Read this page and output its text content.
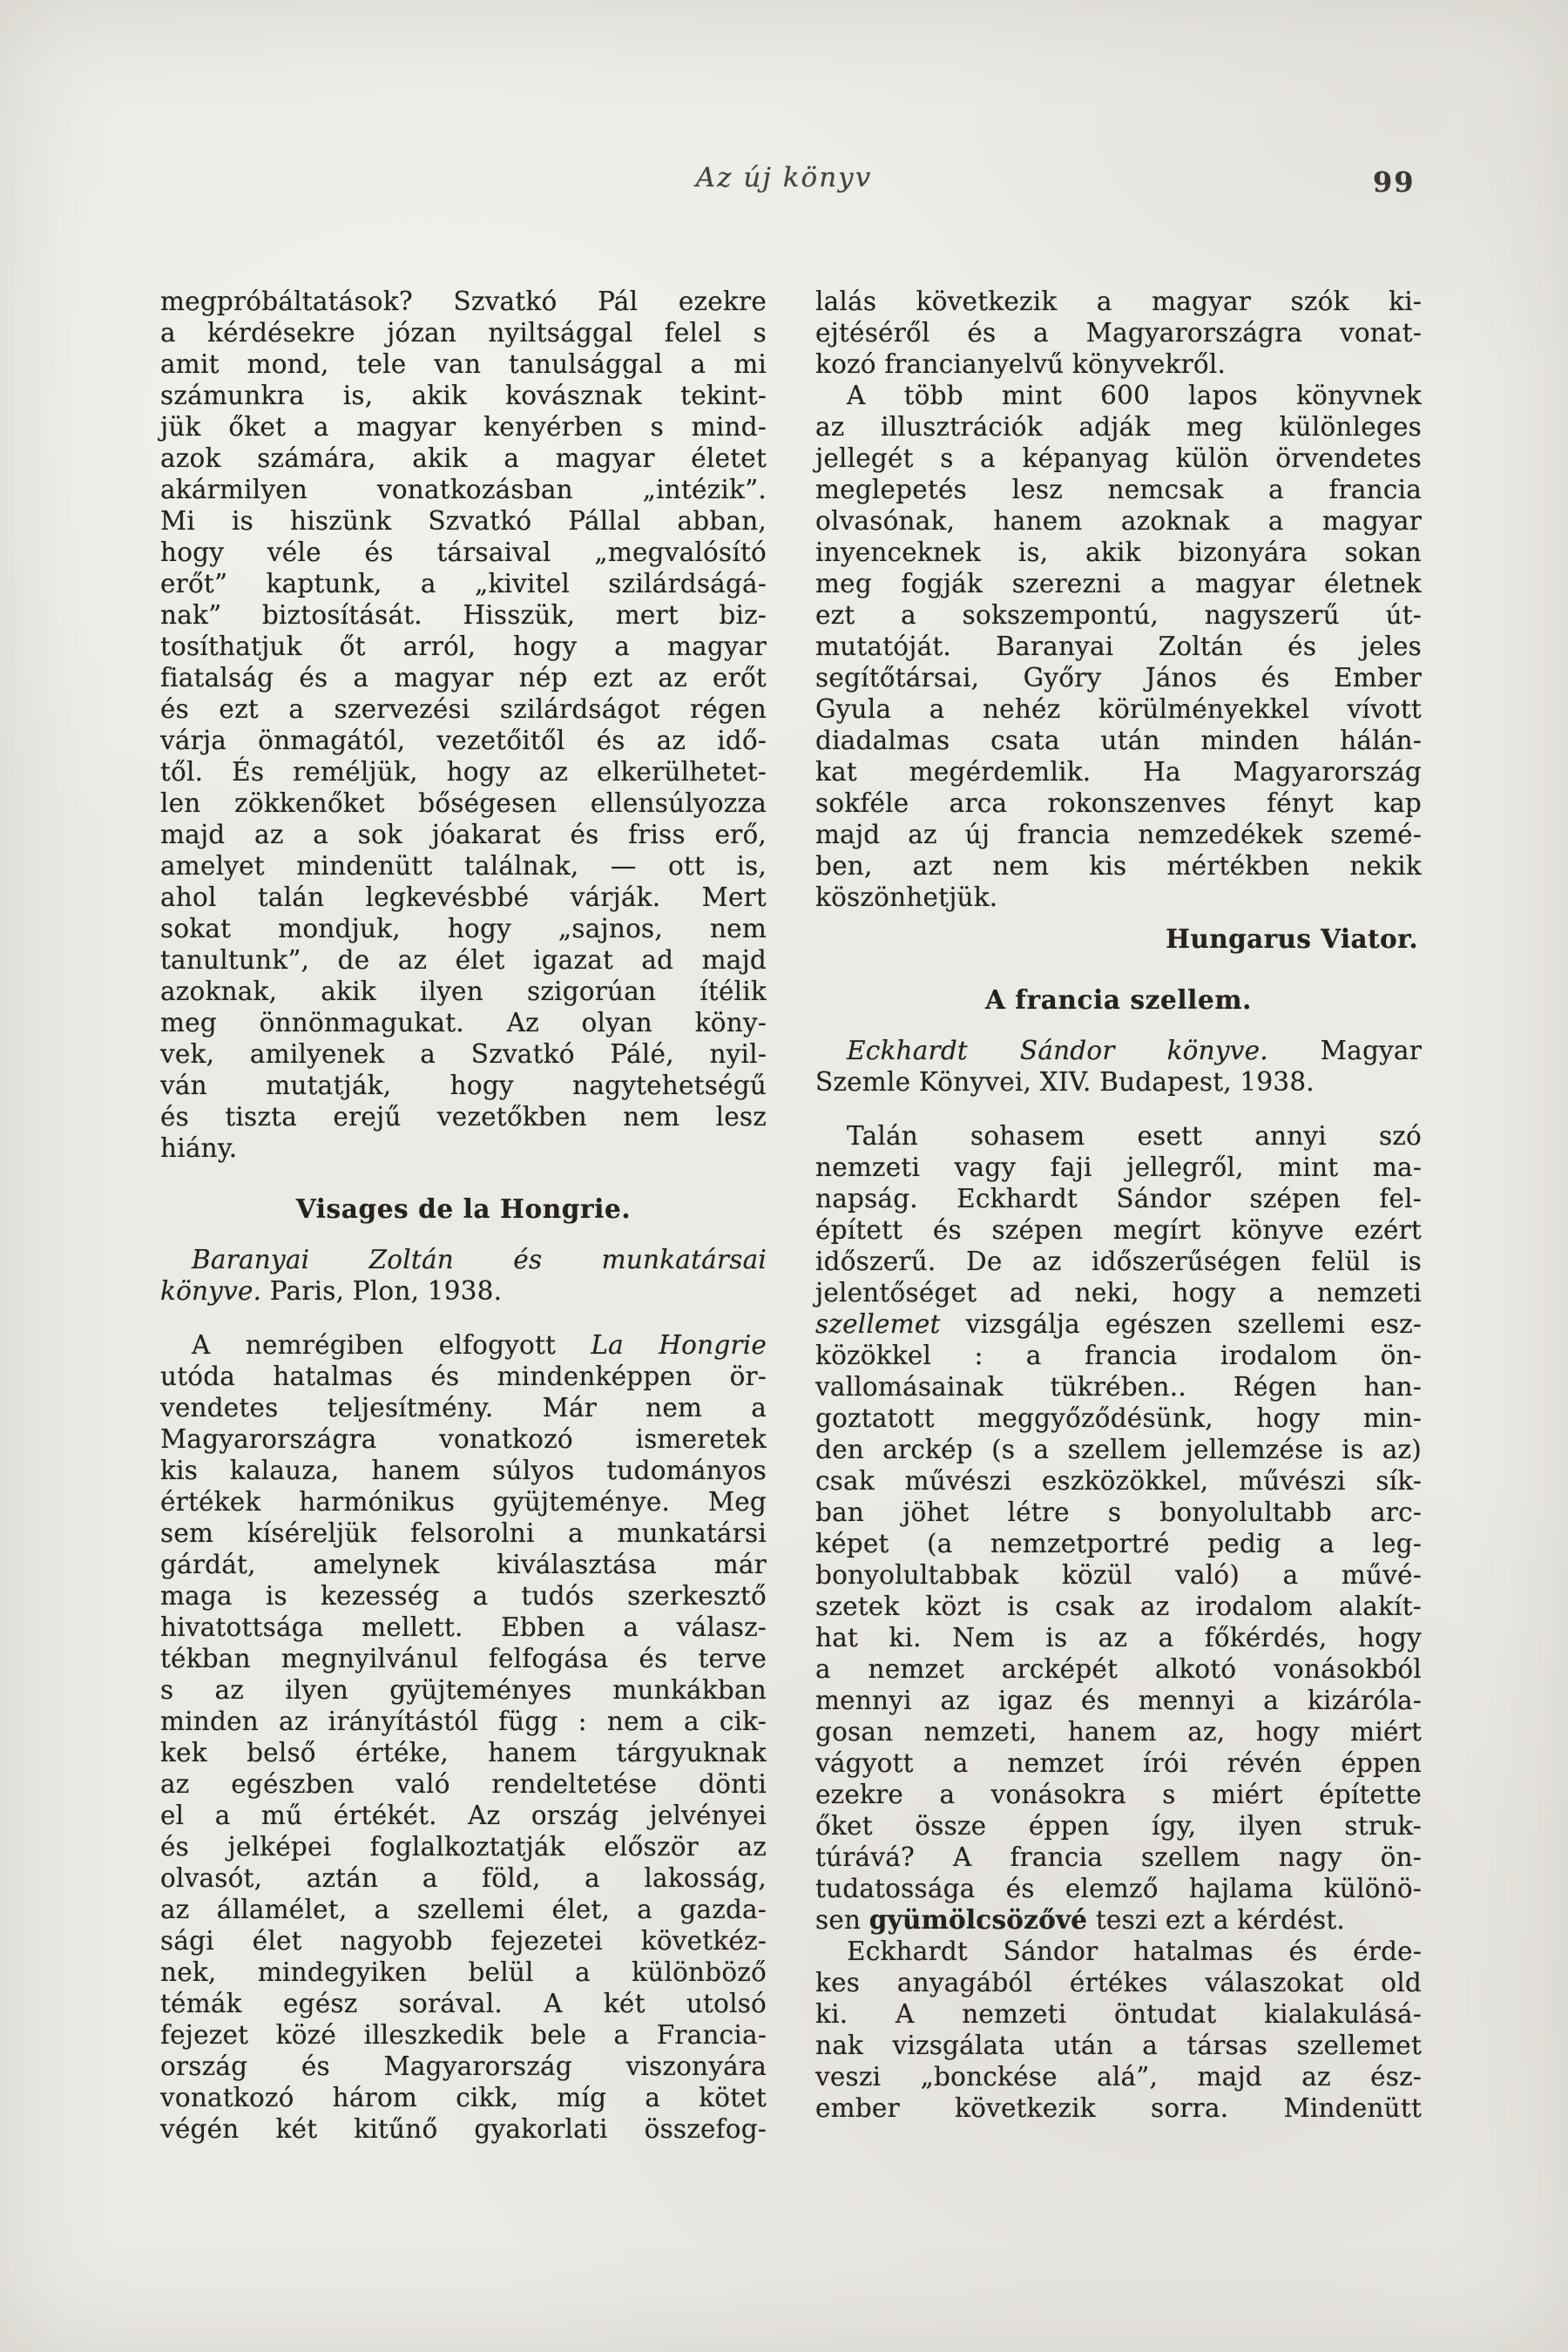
Az új könyv	99
megpróbáltatások? Szvatkó Pál ezekre
a kérdésekre józan nyiltsággal felel s
amit mond, tele van tanulsággal a mi
számunkra is, akik kovásznak tekint-
jük őket a magyar kenyérben s mind-
azok számára, akik a magyar életet
akármilyen vonatkozásban „intézik”.
Mi is hiszünk Szvatkó Pállal abban,
hogy véle és társaival „megvalósító
erőt” kaptunk, a „kivitel szilárdságá-
nak” biztosítását. Hisszük, mert biz-
tosíthatjuk őt arról, hogy a magyar
fiatalság és a magyar nép ezt az erőt
és ezt a szervezési szilárdságot régen
várja önmagától, vezetőitől és az idő-
től. És reméljük, hogy az elkerülhetet-
len zökkenőket bőségesen ellensúlyozza
majd az a sok jóakarat és friss erő,
amelyet mindenütt találnak, — ott is,
ahol talán legkevésbbé várják. Mert
sokat mondjuk, hogy „sajnos, nem
tanultunk”, de az élet igazat ad majd
azoknak, akik ilyen szigorúan ítélik
meg önnönmagukat. Az olyan köny-
vek, amilyenek a Szvatkó Pálé, nyil-
ván mutatják, hogy nagytehetségű
és tiszta erejű vezetőkben nem lesz
hiány.
Visages de la Hongrie.
Baranyai Zoltán és munkatársai
könyve. Paris, Plon, 1938.
A nemrégiben elfogyott La Hongrie
utóda hatalmas és mindenképpen ör-
vendetes teljesítmény. Már nem a
Magyarországra vonatkozó ismeretek
kis kalauza, hanem súlyos tudományos
értékek harmónikus gyüjteménye. Meg
sem kíséreljük felsorolni a munkatársi
gárdát, amelynek kiválasztása már
maga is kezesség a tudós szerkesztő
hivatottsága mellett. Ebben a válasz-
tékban megnyilvánul felfogása és terve
s az ilyen gyüjteményes munkákban
minden az irányítástól függ : nem a cik-
kek belső értéke, hanem tárgyuknak
az egészben való rendeltetése dönti
el a mű értékét. Az ország jelvényei
és jelképei foglalkoztatják először az
olvasót, aztán a föld, a lakosság,
az államélet, a szellemi élet, a gazda-
sági élet nagyobb fejezetei követkéz-
nek, mindegyiken belül a különböző
témák egész sorával. A két utolsó
fejezet közé illeszkedik bele a Francia-
ország és Magyarország viszonyára
vonatkozó három cikk, míg a kötet
végén két kitűnő gyakorlati összefog-
lalás következik a magyar szók ki-
ejtéséről és a Magyarországra vonat-
kozó francianyelvű könyvekről.
A több mint 600 lapos könyvnek
az illusztrációk adják meg különleges
jellegét s a képanyag külön örvendetes
meglepetés lesz nemcsak a francia
olvasónak, hanem azoknak a magyar
inyenceknek is, akik bizonyára sokan
meg fogják szerezni a magyar életnek
ezt a sokszempontú, nagyszerű út-
mutatóját. Baranyai Zoltán és jeles
segítőtársai, Győry János és Ember
Gyula a nehéz körülményekkel vívott
diadalmas csata után minden hálán-
kat megérdemlik. Ha Magyarország
sokféle arca rokonszenves fényt kap
majd az új francia nemzedékek szemé-
ben, azt nem kis mértékben nekik
köszönhetjük.
Hungarus Viator.
A francia szellem.
Eckhardt Sándor könyve. Magyar
Szemle Könyvei, XIV. Budapest, 1938.
Talán sohasem esett annyi szó
nemzeti vagy faji jellegről, mint ma-
napság. Eckhardt Sándor szépen fel-
épített és szépen megírt könyve ezért
időszerű. De az időszerűségen felül is
jelentőséget ad neki, hogy a nemzeti
szellemet vizsgálja egészen szellemi esz-
közökkel : a francia irodalom ön-
vallomásainak tükrében.. Régen han-
goztatott meggyőződésünk, hogy min-
den arckép (s a szellem jellemzése is az)
csak művészi eszközökkel, művészi sík-
ban jöhet létre s bonyolultabb arc-
képet (a nemzetportré pedig a leg-
bonyolultabbak közül való) a művé-
szetek közt is csak az irodalom alakít-
hat ki. Nem is az a főkérdés, hogy
a nemzet arcképét alkotó vonásokból
mennyi az igaz és mennyi a kizáróla-
gosan nemzeti, hanem az, hogy miért
vágyott a nemzet írói révén éppen
ezekre a vonásokra s miért építette
őket össze éppen így, ilyen struk-
túrává? A francia szellem nagy ön-
tudatossága és elemző hajlama különö-
sen gyümölcsözővé teszi ezt a kérdést.
Eckhardt Sándor hatalmas és érde-
kes anyagából értékes válaszokat old
ki. A nemzeti öntudat kialakulásá-
nak vizsgálata után a társas szellemet
veszi „bonckése alá”, majd az ész-
ember következik sorra. Mindenütt
